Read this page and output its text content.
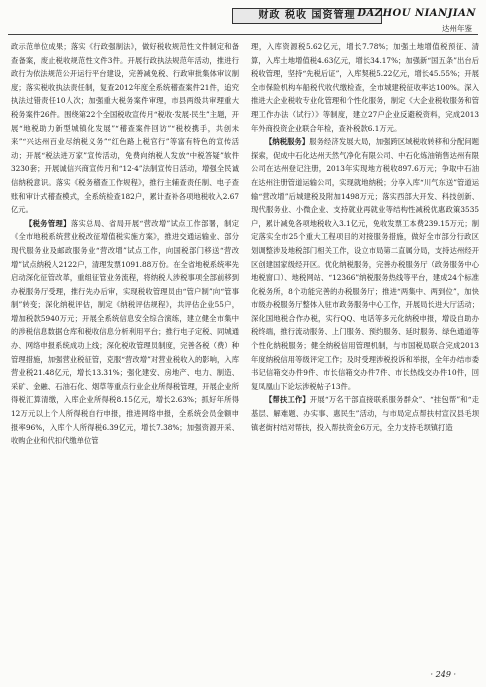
财政 税收 国资管理 DAZHOU NIANJIAN
达州年鉴

政示范单位成果；落实《行政强制法》，做好税收规范性文件制定和备查备案，废止税收规范性文件3件。开展行政执法规范年活动，推进行政行为依法规范公开运行平台建设，完善减免税、行政审批集体审议制度；落实税收执法责任制，复查2012年度全系统稽查案件21件，追究执法过错责任10人次；加强重大税务案件审理，市县两级共审理重大税务案件26件。围绕第22个全国税收宣传月“税收·发展·民生”主题，开展“地税助力新型城镇化发展”“稽查案件回访”“税校携手，共创未来”“兴达州百业尽纳税义务”“红色路上税官行”等富有特色的宣传活动；开展“税法进万家”宣传活动，免费向纳税人发放“中税答疑”软件3230套；开展诚信兴商宣传月和“12·4”法制宣传日活动，增强全民诚信纳税意识。落实《税务稽查工作规程》，推行主辅查责任制、电子查账和审计式稽查模式，全系统检查182户，累计查补各项地税收入2.67亿元。

【税务管理】落实总局、省局开展“营改增”试点工作部署，制定《全市地税系统营业税改征增值税实施方案》，推进交通运输业、部分现代服务业及邮政服务业“营改增”试点工作，向国税部门移送“营改增”试点纳税人2122户，清理发票1091.88万份。在全省地税系统率先启动深化征管改革，重组征管业务流程，将纳税人涉税事项全部前移到办税服务厅受理，推行先办后审，实现税收管理员由“管户制”向“管事制”转变；深化纳税评估，制定《纳税评估规程》，共评估企业55户，增加税款5940万元；开展全系统信息安全综合演练，建立健全市集中的涉税信息数据仓库和税收信息分析利用平台；推行电子定税、同城通办、网络申报系统成功上线；深化税收管理员制度，完善各税（费）种管理措施，加强营业税征管，克服“营改增”对营业税收入的影响，入库营业税21.48亿元，增长13.31%；强化建安、房地产、电力、制造、采矿、金融、石油石化、烟草等重点行业企业所得税管理，开展企业所得税汇算清缴，入库企业所得税8.15亿元，增长2.63%；抓好年所得12万元以上个人所得税自行申报，推进网络申报，全系统会员金额申报率96%，入库个人所得税6.39亿元，增长7.38%；加强资源开采、收购企业和代扣代缴单位管

理，入库资源税5.62亿元，增长7.78%；加强土地增值税预征、清算，入库土地增值税4.63亿元，增长34.17%；加强新“国五条”出台后税收管理，坚持“先税后证”，入库契税5.22亿元，增长45.55%；开展全市保险机构车船税代收代缴检查，全市城建税征收率达100%。深入推进大企业税收专业化管理和个性化服务，制定《大企业税收服务和管理工作办法（试行）》等制度，建立27户企业反避税资料，完成2013年外商投资企业联合年检，查补税款6.1万元。

【纳税服务】服务经济发展大局，加强跨区域税收转移和分配问题探索，促成中石化达州天然气净化有限公司、中石化炼油销售达州有限公司在达州登记注册，2013年实现地方税收897.6万元；争取中石油在达州注册管道运输公司，实现就地纳税；分享入库“川气东送”管道运输“营改增”后城建税及附加1498万元；落实西部大开发、科技创新、现代服务业、小微企业、支持就业再就业等结构性减税优惠政策3535户，累计减免各项地税收入3.1亿元，免收发票工本费239.15万元；制定落实全市25个重大工程项目的对接服务措施，做好全市部分行政区划调整涉及地税部门相关工作，设立市局第二直属分局，支持达州经开区创建国家级经开区。优化纳税服务，完善办税服务厅（政务服务中心地税窗口）、地税网站、“12366”纳税服务热线等平台，建成24个标准化税务所，8个功能完善的办税服务厅；推进“两集中、两到位”，加快市级办税服务厅整体入驻市政务服务中心工作，开展局长进大厅活动；深化国地税合作办税，实行QQ、电话等多元化纳税申报，增设自助办税终端，推行流动服务、上门服务、预约服务、延时服务、绿色通道等个性化纳税服务；健全纳税信用管理机制，与市国税局联合完成2013年度纳税信用等级评定工作；及时受理涉税投诉和举报，全年办结市委书记信箱交办件9件、市长信箱交办件7件、市长热线交办件10件，回复凤凰山下论坛涉税帖子13件。

【帮扶工作】开展“万名干部直接联系服务群众”、“挂包帮”和“走基层、解难题、办实事、惠民生”活动，与市局定点帮扶村宣汉县毛坝镇老街村结对帮扶，投入帮扶资金6万元，全力支持毛坝镇打造

· 249 ·
